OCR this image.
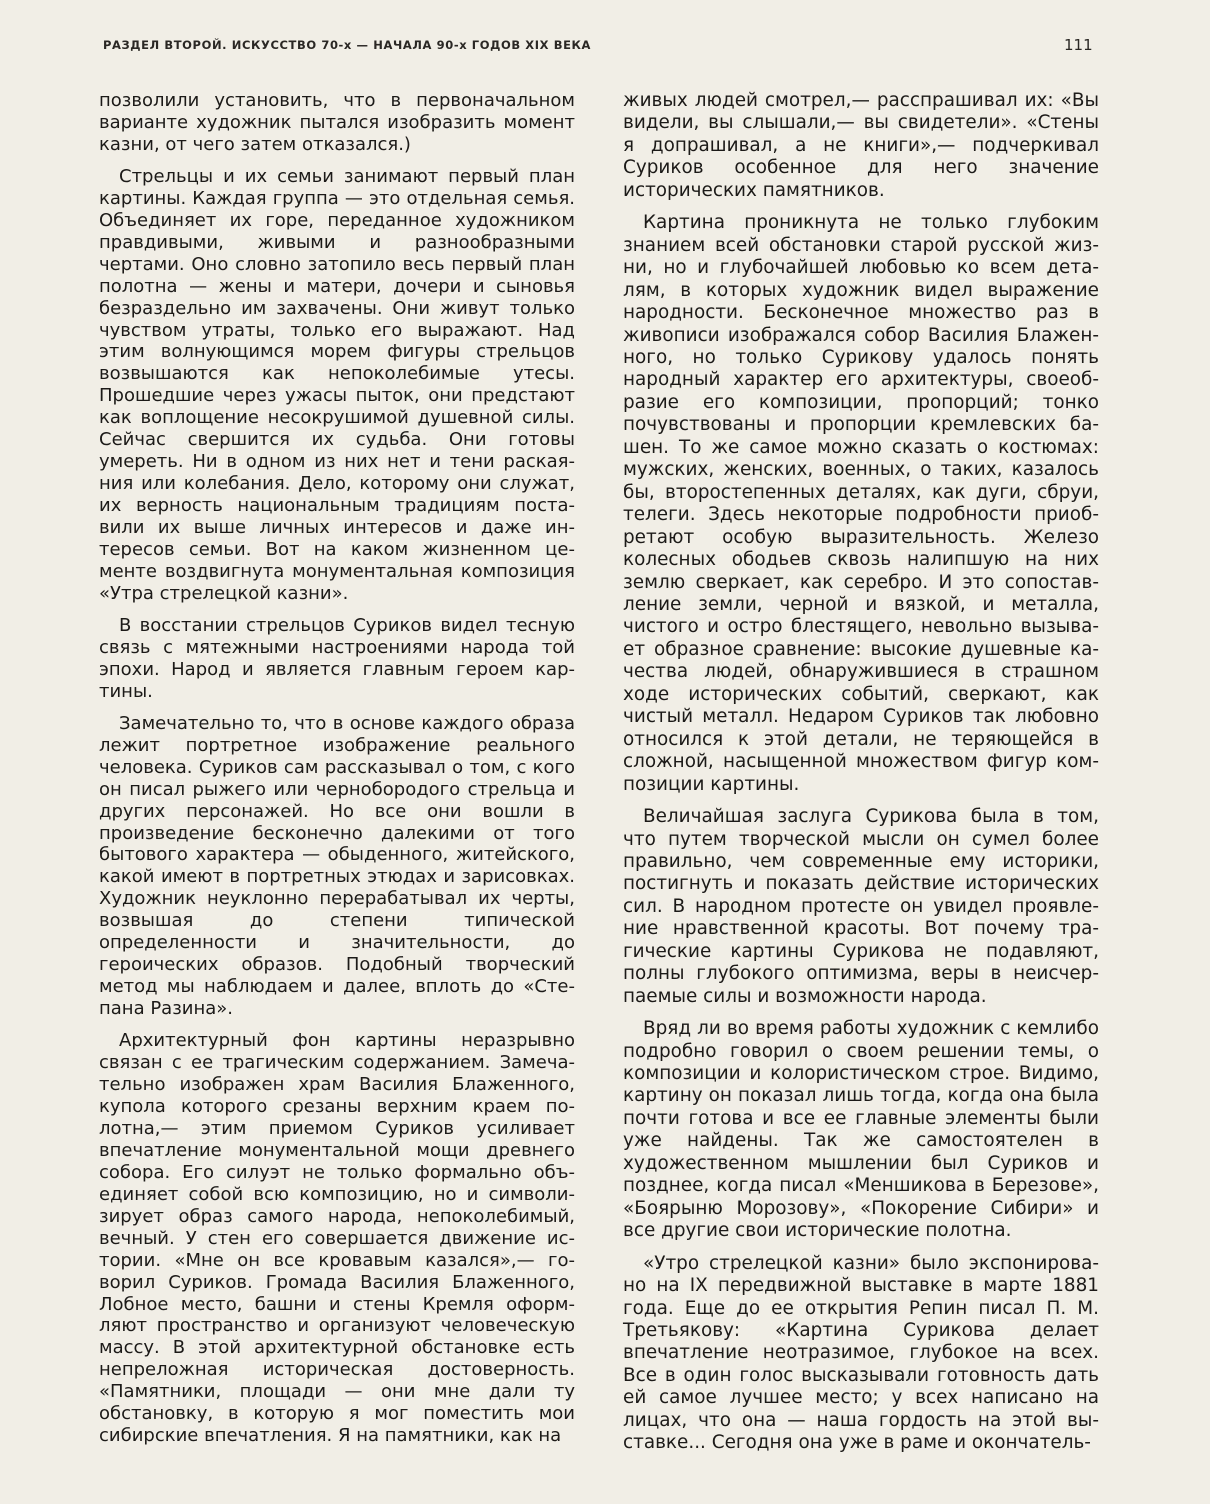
РАЗДЕЛ ВТОРОЙ. ИСКУССТВО 70-х — НАЧАЛА 90-х ГОДОВ XIX ВЕКА	111

позволили установить, что в первоначальном варианте художник пытался изобразить момент казни, от чего затем отказался.)

Стрельцы и их семьи занимают первый план картины. Каждая группа — это отдельная семья. Объединяет их горе, переданное художником правдивыми, живыми и разнообразными чертами. Оно словно затопило весь первый план полотна — жены и матери, дочери и сыновья безраздельно им захвачены. Они живут только чувством утраты, только его выражают. Над этим волнующимся морем фигуры стрельцов возвышаются как непоколебимые утесы. Прошедшие через ужасы пыток, они предстают как воплощение несокрушимой душевной силы. Сейчас свершится их судьба. Они готовы умереть. Ни в одном из них нет и тени раскаяния или колебания. Дело, которому они служат, их верность национальным традициям поставили их выше личных интересов и даже интересов семьи. Вот на каком жизненном цементе воздвигнута монументальная композиция «Утра стрелецкой казни».

В восстании стрельцов Суриков видел тесную связь с мятежными настроениями народа той эпохи. Народ и является главным героем картины.

Замечательно то, что в основе каждого образа лежит портретное изображение реального человека. Суриков сам рассказывал о том, с кого он писал рыжего или чернобородого стрельца и других персонажей. Но все они вошли в произведение бесконечно далекими от того бытового характера — обыденного, житейского, какой имеют в портретных этюдах и зарисовках. Художник неуклонно перерабатывал их черты, возвышая до степени типической определенности и значительности, до героических образов. Подобный творческий метод мы наблюдаем и далее, вплоть до «Степана Разина».

Архитектурный фон картины неразрывно связан с ее трагическим содержанием. Замечательно изображен храм Василия Блаженного, купола которого срезаны верхним краем полотна,— этим приемом Суриков усиливает впечатление монументальной мощи древнего собора. Его силуэт не только формально объединяет собой всю композицию, но и символизирует образ самого народа, непоколебимый, вечный. У стен его совершается движение истории. «Мне он все кровавым казался»,— говорил Суриков. Громада Василия Блаженного, Лобное место, башни и стены Кремля оформляют пространство и организуют человеческую массу. В этой архитектурной обстановке есть непреложная историческая достоверность. «Памятники, площади — они мне дали ту обстановку, в которую я мог поместить мои сибирские впечатления. Я на памятники, как на

живых людей смотрел,— расспрашивал их: «Вы видели, вы слышали,— вы свидетели». «Стены я допрашивал, а не книги»,— подчеркивал Суриков особенное для него значение исторических памятников.

Картина проникнута не только глубоким знанием всей обстановки старой русской жизни, но и глубочайшей любовью ко всем деталям, в которых художник видел выражение народности. Бесконечное множество раз в живописи изображался собор Василия Блаженного, но только Сурикову удалось понять народный характер его архитектуры, своеобразие его композиции, пропорций; тонко почувствованы и пропорции кремлевских башен. То же самое можно сказать о костюмах: мужских, женских, военных, о таких, казалось бы, второстепенных деталях, как дуги, сбруи, телеги. Здесь некоторые подробности приобретают особую выразительность. Железо колесных ободьев сквозь налипшую на них землю сверкает, как серебро. И это сопоставление земли, черной и вязкой, и металла, чистого и остро блестящего, невольно вызывает образное сравнение: высокие душевные качества людей, обнаружившиеся в страшном ходе исторических событий, сверкают, как чистый металл. Недаром Суриков так любовно относился к этой детали, не теряющейся в сложной, насыщенной множеством фигур композиции картины.

Величайшая заслуга Сурикова была в том, что путем творческой мысли он сумел более правильно, чем современные ему историки, постигнуть и показать действие исторических сил. В народном протесте он увидел проявление нравственной красоты. Вот почему трагические картины Сурикова не подавляют, полны глубокого оптимизма, веры в неисчерпаемые силы и возможности народа.

Вряд ли во время работы художник с кемлибо подробно говорил о своем решении темы, о композиции и колористическом строе. Видимо, картину он показал лишь тогда, когда она была почти готова и все ее главные элементы были уже найдены. Так же самостоятелен в художественном мышлении был Суриков и позднее, когда писал «Меншикова в Березове», «Боярыню Морозову», «Покорение Сибири» и все другие свои исторические полотна.

«Утро стрелецкой казни» было экспонировано на IX передвижной выставке в марте 1881 года. Еще до ее открытия Репин писал П. М. Третьякову: «Картина Сурикова делает впечатление неотразимое, глубокое на всех. Все в один голос высказывали готовность дать ей самое лучшее место; у всех написано на лицах, что она — наша гордость на этой выставке... Сегодня она уже в раме и окончатель-
